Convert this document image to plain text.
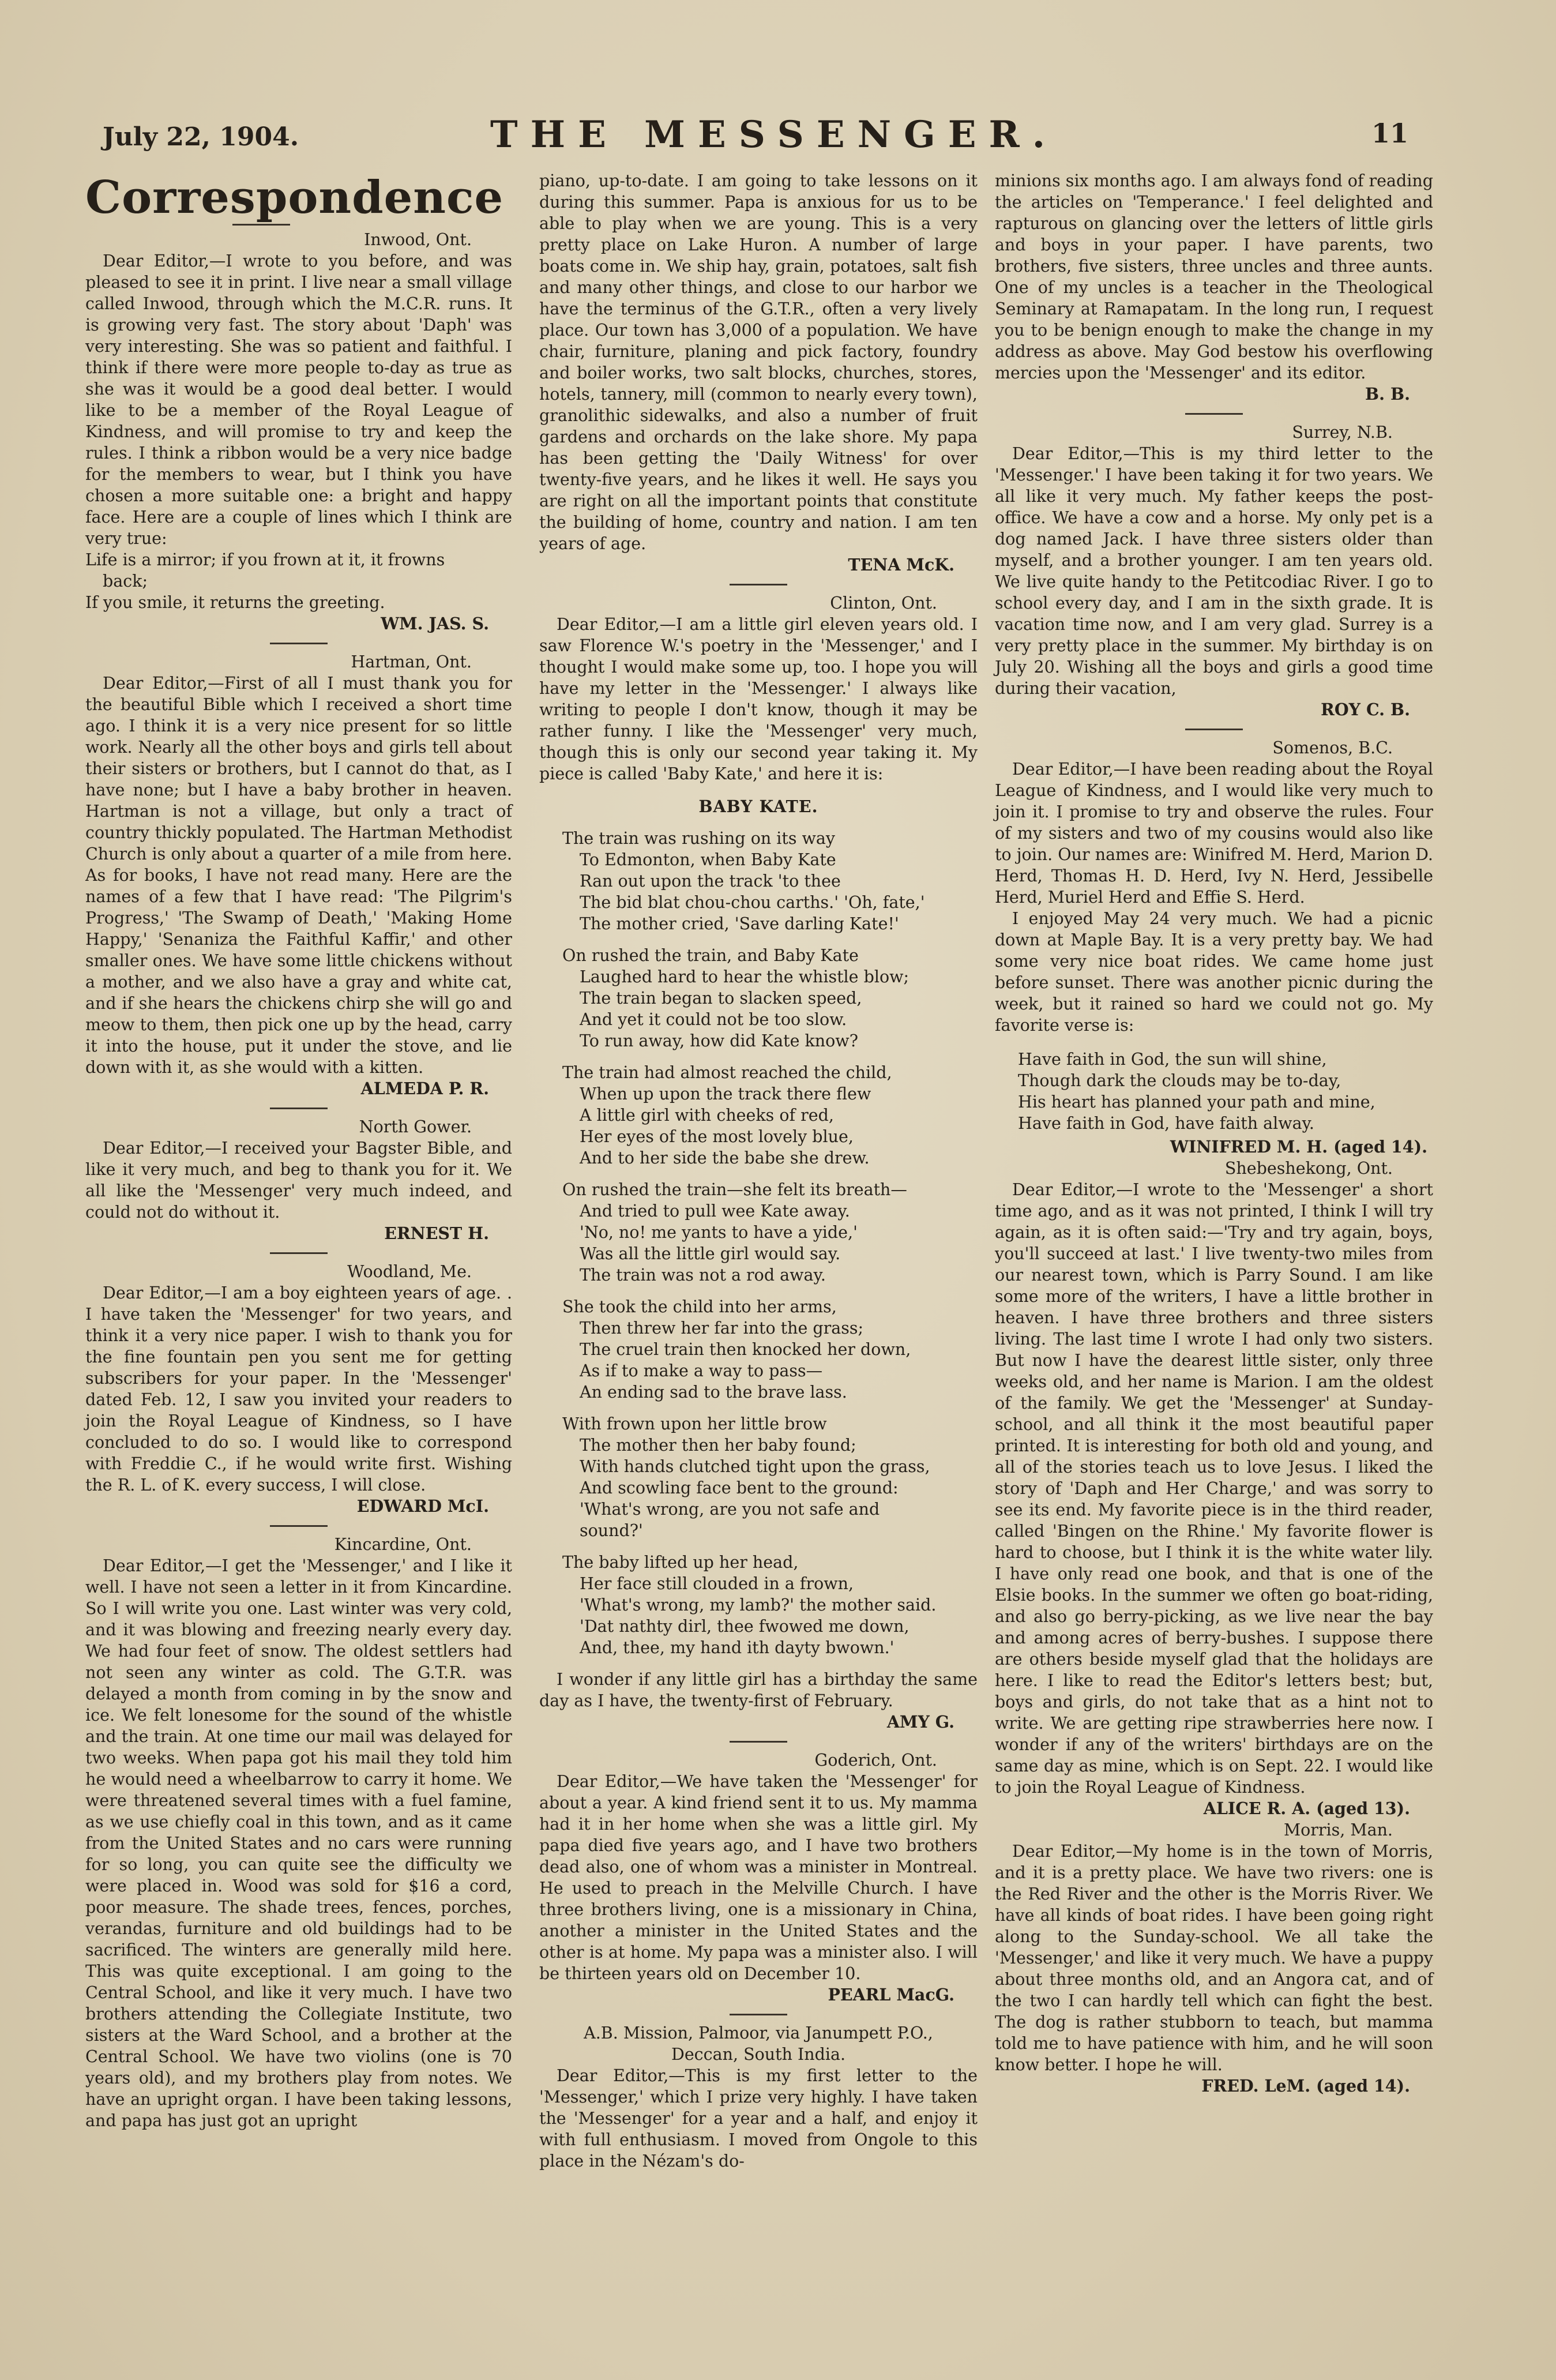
July 22, 1904.	THE MESSENGER.	11
Correspondence

Inwood, Ont.

Dear Editor,—I wrote to you before, and was pleased to see it in print. I live near a small village called Inwood, through which the M.C.R. runs. It is growing very fast. The story about 'Daph' was very interesting. She was so patient and faithful. I think if there were more people to-day as true as she was it would be a good deal better. I would like to be a member of the Royal League of Kindness, and will promise to try and keep the rules. I think a ribbon would be a very nice badge for the members to wear, but I think you have chosen a more suitable one: a bright and happy face. Here are a couple of lines which I think are very true:

Life is a mirror; if you frown at it, it frowns
back;
If you smile, it returns the greeting.

WM. JAS. S.

Hartman, Ont.

Dear Editor,—First of all I must thank you for the beautiful Bible which I received a short time ago. I think it is a very nice present for so little work. Nearly all the other boys and girls tell about their sisters or brothers, but I cannot do that, as I have none; but I have a baby brother in heaven. Hartman is not a village, but only a tract of country thickly populated. The Hartman Methodist Church is only about a quarter of a mile from here. As for books, I have not read many. Here are the names of a few that I have read: 'The Pilgrim's Progress,' 'The Swamp of Death,' 'Making Home Happy,' 'Senaniza the Faithful Kaffir,' and other smaller ones. We have some little chickens without a mother, and we also have a gray and white cat, and if she hears the chickens chirp she will go and meow to them, then pick one up by the head, carry it into the house, put it under the stove, and lie down with it, as she would with a kitten.

ALMEDA P. R.

North Gower.

Dear Editor,—I received your Bagster Bible, and like it very much, and beg to thank you for it. We all like the 'Messenger' very much indeed, and could not do without it.

ERNEST H.

Woodland, Me.

Dear Editor,—I am a boy eighteen years of age. . I have taken the 'Messenger' for two years, and think it a very nice paper. I wish to thank you for the fine fountain pen you sent me for getting subscribers for your paper. In the 'Messenger' dated Feb. 12, I saw you invited your readers to join the Royal League of Kindness, so I have concluded to do so. I would like to correspond with Freddie C., if he would write first. Wishing the R. L. of K. every success, I will close.

EDWARD McI.

Kincardine, Ont.

Dear Editor,—I get the 'Messenger,' and I like it well. I have not seen a letter in it from Kincardine. So I will write you one. Last winter was very cold, and it was blowing and freezing nearly every day. We had four feet of snow. The oldest settlers had not seen any winter as cold. The G.T.R. was delayed a month from coming in by the snow and ice. We felt lonesome for the sound of the whistle and the train. At one time our mail was delayed for two weeks. When papa got his mail they told him he would need a wheelbarrow to carry it home. We were threatened several times with a fuel famine, as we use chiefly coal in this town, and as it came from the United States and no cars were running for so long, you can quite see the difficulty we were placed in. Wood was sold for $16 a cord, poor measure. The shade trees, fences, porches, verandas, furniture and old buildings had to be sacrificed. The winters are generally mild here. This was quite exceptional. I am going to the Central School, and like it very much. I have two brothers attending the Collegiate Institute, two sisters at the Ward School, and a brother at the Central School. We have two violins (one is 70 years old), and my brothers play from notes. We have an upright organ. I have been taking lessons, and papa has just got an upright

piano, up-to-date. I am going to take lessons on it during this summer. Papa is anxious for us to be able to play when we are young. This is a very pretty place on Lake Huron. A number of large boats come in. We ship hay, grain, potatoes, salt fish and many other things, and close to our harbor we have the terminus of the G.T.R., often a very lively place. Our town has 3,000 of a population. We have chair, furniture, planing and pick factory, foundry and boiler works, two salt blocks, churches, stores, hotels, tannery, mill (common to nearly every town), granolithic sidewalks, and also a number of fruit gardens and orchards on the lake shore. My papa has been getting the 'Daily Witness' for over twenty-five years, and he likes it well. He says you are right on all the important points that constitute the building of home, country and nation. I am ten years of age.

TENA McK.

Clinton, Ont.

Dear Editor,—I am a little girl eleven years old. I saw Florence W.'s poetry in the 'Messenger,' and I thought I would make some up, too. I hope you will have my letter in the 'Messenger.' I always like writing to people I don't know, though it may be rather funny. I like the 'Messenger' very much, though this is only our second year taking it. My piece is called 'Baby Kate,' and here it is:

BABY KATE.
The train was rushing on its way
To Edmonton, when Baby Kate
Ran out upon the track 'to thee
The bid blat chou-chou carths.' 'Oh, fate,'
The mother cried, 'Save darling Kate!'
On rushed the train, and Baby Kate
Laughed hard to hear the whistle blow;
The train began to slacken speed,
And yet it could not be too slow.
To run away, how did Kate know?
The train had almost reached the child,
When up upon the track there flew
A little girl with cheeks of red,
Her eyes of the most lovely blue,
And to her side the babe she drew.
On rushed the train—she felt its breath—
And tried to pull wee Kate away.
'No, no! me yants to have a yide,'
Was all the little girl would say.
The train was not a rod away.
She took the child into her arms,
Then threw her far into the grass;
The cruel train then knocked her down,
As if to make a way to pass—
An ending sad to the brave lass.
With frown upon her little brow
The mother then her baby found;
With hands clutched tight upon the grass,
And scowling face bent to the ground:
'What's wrong, are you not safe and
sound?'
The baby lifted up her head,
Her face still clouded in a frown,
'What's wrong, my lamb?' the mother said.
'Dat nathty dirl, thee fwowed me down,
And, thee, my hand ith dayty bwown.'

I wonder if any little girl has a birthday the same day as I have, the twenty-first of February.

AMY G.

Goderich, Ont.

Dear Editor,—We have taken the 'Messenger' for about a year. A kind friend sent it to us. My mamma had it in her home when she was a little girl. My papa died five years ago, and I have two brothers dead also, one of whom was a minister in Montreal. He used to preach in the Melville Church. I have three brothers living, one is a missionary in China, another a minister in the United States and the other is at home. My papa was a minister also. I will be thirteen years old on December 10.

PEARL MacG.

A.B. Mission, Palmoor, via Janumpett P.O.,

Deccan, South India.

Dear Editor,—This is my first letter to the 'Messenger,' which I prize very highly. I have taken the 'Messenger' for a year and a half, and enjoy it with full enthusiasm. I moved from Ongole to this place in the Nézam's do-

minions six months ago. I am always fond of reading the articles on 'Temperance.' I feel delighted and rapturous on glancing over the letters of little girls and boys in your paper. I have parents, two brothers, five sisters, three uncles and three aunts. One of my uncles is a teacher in the Theological Seminary at Ramapatam. In the long run, I request you to be benign enough to make the change in my address as above. May God bestow his overflowing mercies upon the 'Messenger' and its editor.

B. B.

Surrey, N.B.

Dear Editor,—This is my third letter to the 'Messenger.' I have been taking it for two years. We all like it very much. My father keeps the post-office. We have a cow and a horse. My only pet is a dog named Jack. I have three sisters older than myself, and a brother younger. I am ten years old. We live quite handy to the Petitcodiac River. I go to school every day, and I am in the sixth grade. It is vacation time now, and I am very glad. Surrey is a very pretty place in the summer. My birthday is on July 20. Wishing all the boys and girls a good time during their vacation,

ROY C. B.

Somenos, B.C.

Dear Editor,—I have been reading about the Royal League of Kindness, and I would like very much to join it. I promise to try and observe the rules. Four of my sisters and two of my cousins would also like to join. Our names are: Winifred M. Herd, Marion D. Herd, Thomas H. D. Herd, Ivy N. Herd, Jessibelle Herd, Muriel Herd and Effie S. Herd.

I enjoyed May 24 very much. We had a picnic down at Maple Bay. It is a very pretty bay. We had some very nice boat rides. We came home just before sunset. There was another picnic during the week, but it rained so hard we could not go. My favorite verse is:

Have faith in God, the sun will shine,
Though dark the clouds may be to-day,
His heart has planned your path and mine,
Have faith in God, have faith alway.

WINIFRED M. H. (aged 14).

Shebeshekong, Ont.

Dear Editor,—I wrote to the 'Messenger' a short time ago, and as it was not printed, I think I will try again, as it is often said:—'Try and try again, boys, you'll succeed at last.' I live twenty-two miles from our nearest town, which is Parry Sound. I am like some more of the writers, I have a little brother in heaven. I have three brothers and three sisters living. The last time I wrote I had only two sisters. But now I have the dearest little sister, only three weeks old, and her name is Marion. I am the oldest of the family. We get the 'Messenger' at Sunday-school, and all think it the most beautiful paper printed. It is interesting for both old and young, and all of the stories teach us to love Jesus. I liked the story of 'Daph and Her Charge,' and was sorry to see its end. My favorite piece is in the third reader, called 'Bingen on the Rhine.' My favorite flower is hard to choose, but I think it is the white water lily. I have only read one book, and that is one of the Elsie books. In the summer we often go boat-riding, and also go berry-picking, as we live near the bay and among acres of berry-bushes. I suppose there are others beside myself glad that the holidays are here. I like to read the Editor's letters best; but, boys and girls, do not take that as a hint not to write. We are getting ripe strawberries here now. I wonder if any of the writers' birthdays are on the same day as mine, which is on Sept. 22. I would like to join the Royal League of Kindness.

ALICE R. A. (aged 13).

Morris, Man.

Dear Editor,—My home is in the town of Morris, and it is a pretty place. We have two rivers: one is the Red River and the other is the Morris River. We have all kinds of boat rides. I have been going right along to the Sunday-school. We all take the 'Messenger,' and like it very much. We have a puppy about three months old, and an Angora cat, and of the two I can hardly tell which can fight the best. The dog is rather stubborn to teach, but mamma told me to have patience with him, and he will soon know better. I hope he will.

FRED. LeM. (aged 14).
